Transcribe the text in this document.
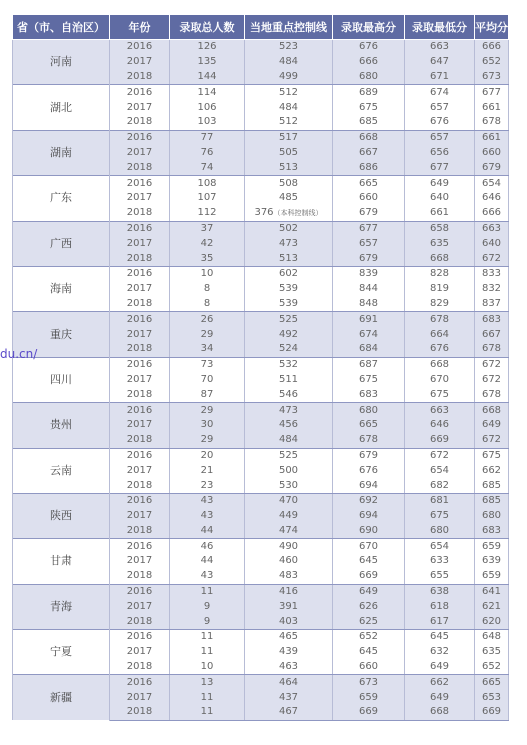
省（市、自治区）	年份	录取总人数	当地重点控制线	录取最高分	录取最低分	平均分
河南	2016	126	523	676	663	666
	2017	135	484	666	647	652
	2018	144	499	680	671	673
湖北	2016	114	512	689	674	677
	2017	106	484	675	657	661
	2018	103	512	685	676	678
湖南	2016	77	517	668	657	661
	2017	76	505	667	656	660
	2018	74	513	686	677	679
广东	2016	108	508	665	649	654
	2017	107	485	660	640	646
	2018	112	376（本科控制线）	679	661	666
广西	2016	37	502	677	658	663
	2017	42	473	657	635	640
	2018	35	513	679	668	672
海南	2016	10	602	839	828	833
	2017	8	539	844	819	832
	2018	8	539	848	829	837
重庆	2016	26	525	691	678	683
	2017	29	492	674	664	667
	2018	34	524	684	676	678
四川	2016	73	532	687	668	672
	2017	70	511	675	670	672
	2018	87	546	683	675	678
贵州	2016	29	473	680	663	668
	2017	30	456	665	646	649
	2018	29	484	678	669	672
云南	2016	20	525	679	672	675
	2017	21	500	676	654	662
	2018	23	530	694	682	685
陕西	2016	43	470	692	681	685
	2017	43	449	694	675	680
	2018	44	474	690	680	683
甘肃	2016	46	490	670	654	659
	2017	44	460	645	633	639
	2018	43	483	669	655	659
青海	2016	11	416	649	638	641
	2017	9	391	626	618	621
	2018	9	403	625	617	620
宁夏	2016	11	465	652	645	648
	2017	11	439	645	632	635
	2018	10	463	660	649	652
新疆	2016	13	464	673	662	665
	2017	11	437	659	649	653
	2018	11	467	669	668	669
du.cn/
